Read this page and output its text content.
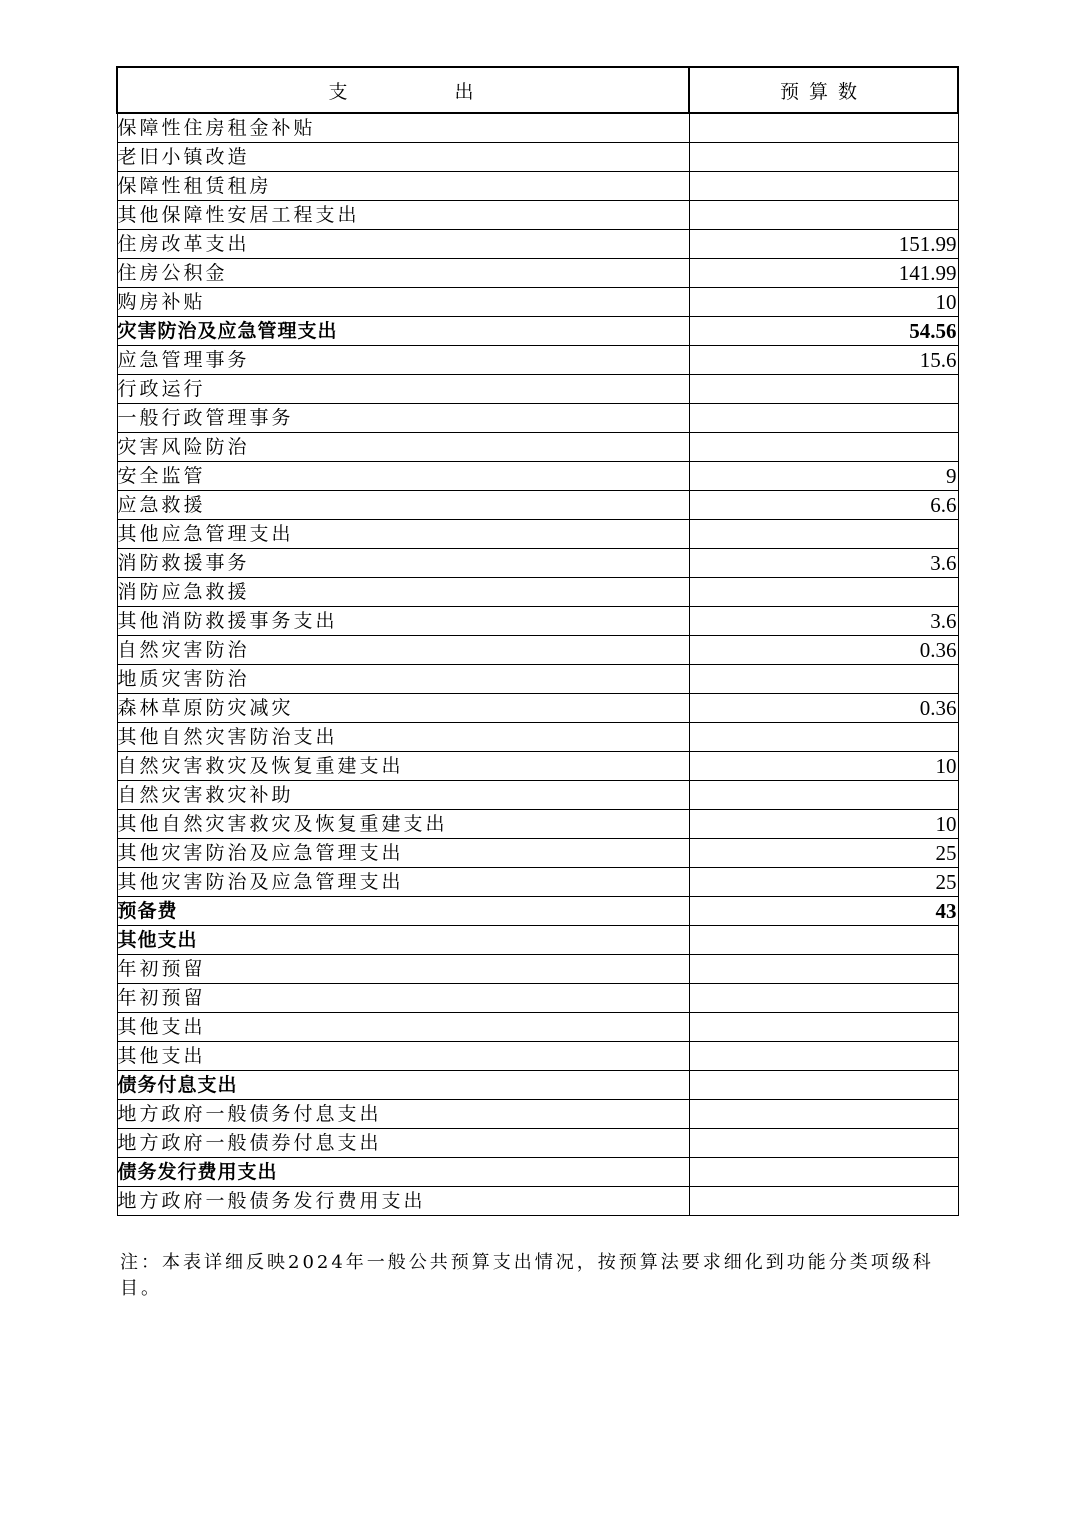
支　出	预算数
保障性住房租金补贴	
老旧小镇改造	
保障性租赁租房	
其他保障性安居工程支出	
住房改革支出	151.99
住房公积金	141.99
购房补贴	10
灾害防治及应急管理支出	54.56
应急管理事务	15.6
行政运行	
一般行政管理事务	
灾害风险防治	
安全监管	9
应急救援	6.6
其他应急管理支出	
消防救援事务	3.6
消防应急救援	
其他消防救援事务支出	3.6
自然灾害防治	0.36
地质灾害防治	
森林草原防灾减灾	0.36
其他自然灾害防治支出	
自然灾害救灾及恢复重建支出	10
自然灾害救灾补助	
其他自然灾害救灾及恢复重建支出	10
其他灾害防治及应急管理支出	25
其他灾害防治及应急管理支出	25
预备费	43
其他支出	
年初预留	
年初预留	
其他支出	
其他支出	
债务付息支出	
地方政府一般债务付息支出	
地方政府一般债券付息支出	
债务发行费用支出	
地方政府一般债务发行费用支出	

注：本表详细反映2024年一般公共预算支出情况，按预算法要求细化到功能分类项级科目。
